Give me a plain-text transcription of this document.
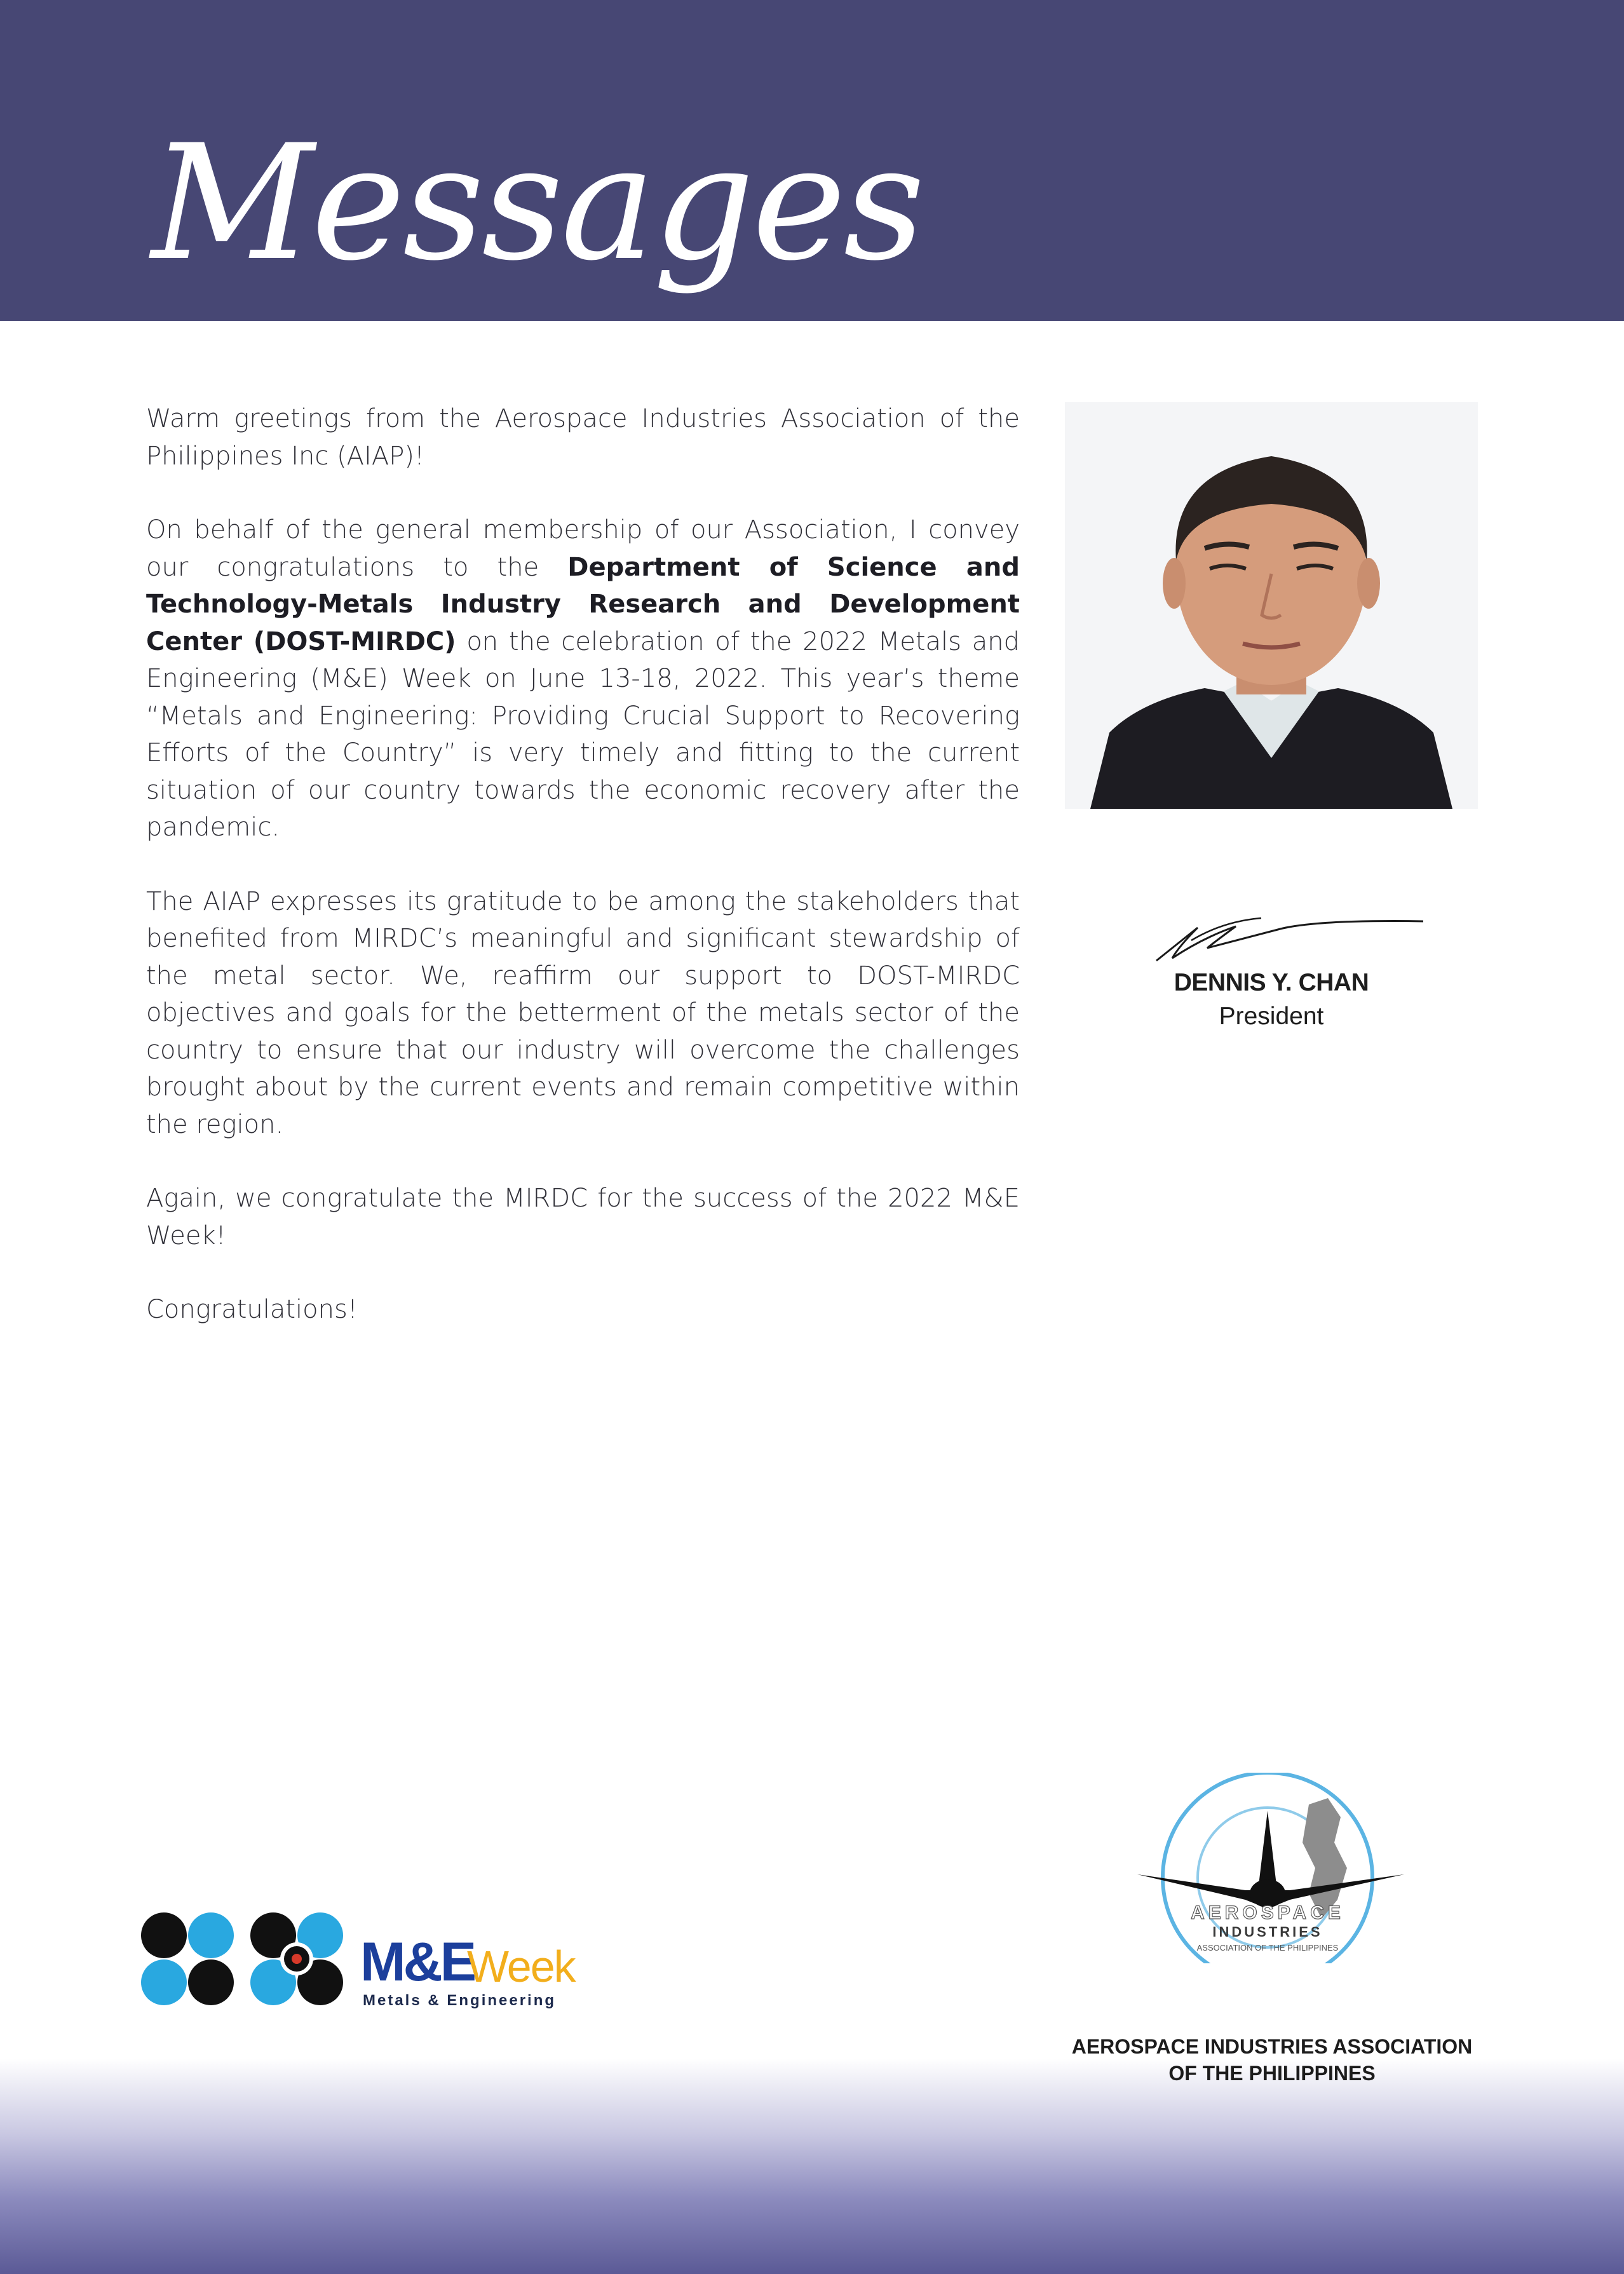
Messages

Warm greetings from the Aerospace Industries Association of the Philippines Inc (AIAP)!

On behalf of the general membership of our Association, I convey our congratulations to the Department of Science and Technology-Metals Industry Research and Development Center (DOST-MIRDC) on the celebration of the 2022 Metals and Engineering (M&E) Week on June 13-18, 2022. This year’s theme “Metals and Engineering: Providing Crucial Support to Recovering Efforts of the Country” is very timely and fitting to the current situation of our country towards the economic recovery after the pandemic.

The AIAP expresses its gratitude to be among the stakeholders that benefited from MIRDC’s meaningful and significant stewardship of the metal sector. We, reaffirm our support to DOST-MIRDC objectives and goals for the betterment of the metals sector of the country to ensure that our industry will overcome the challenges brought about by the current events and remain competitive within the region.

Again, we congratulate the MIRDC for the success of the 2022 M&E Week!

Congratulations!

DENNIS Y. CHAN
President
M&E
Week
Metals & Engineering
AEROSPACE
INDUSTRIES
ASSOCIATION OF THE PHILIPPINES
AEROSPACE INDUSTRIES ASSOCIATION
OF THE PHILIPPINES
